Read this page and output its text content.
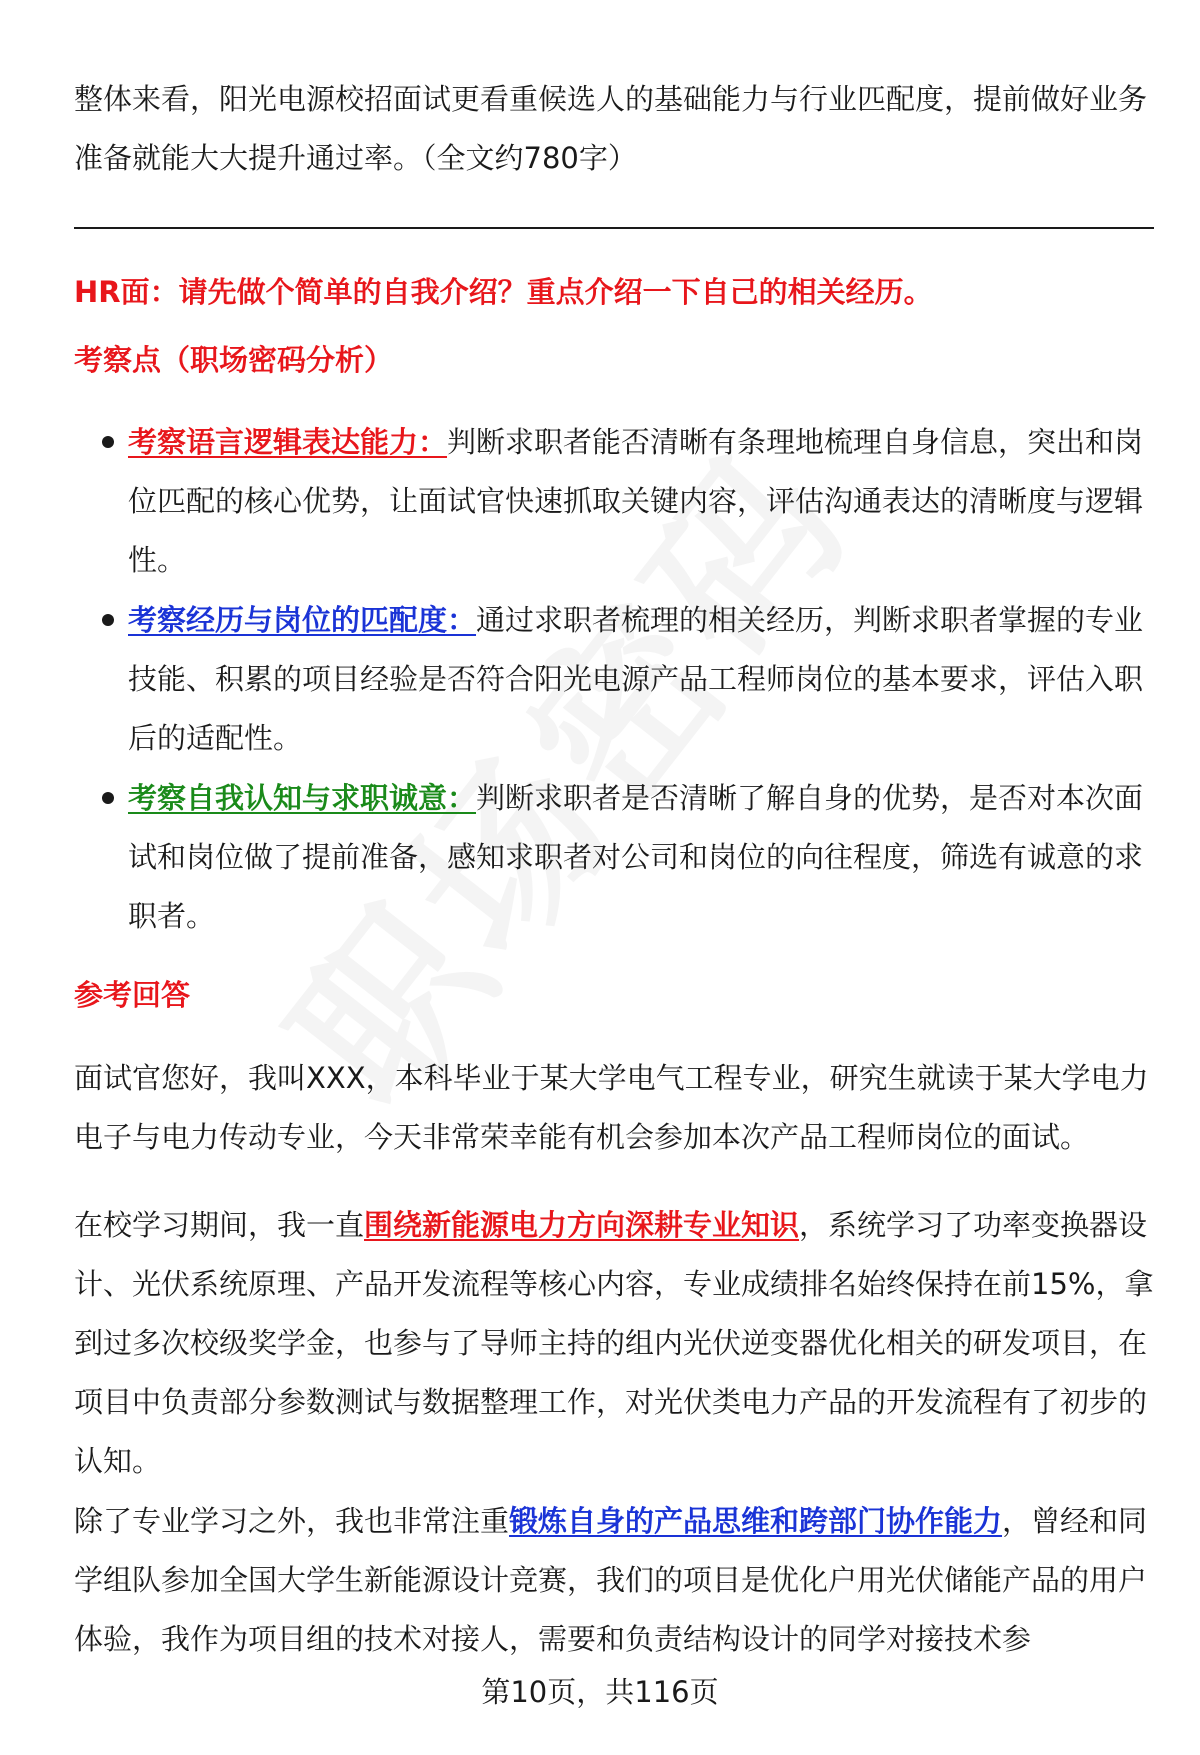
整体来看，阳光电源校招面试更看重候选人的基础能力与行业匹配度，提前做好业务准备就能大大提升通过率。（全文约780字）

HR面：请先做个简单的自我介绍？重点介绍一下自己的相关经历。

考察点（职场密码分析）

考察语言逻辑表达能力：判断求职者能否清晰有条理地梳理自身信息，突出和岗位匹配的核心优势，让面试官快速抓取关键内容，评估沟通表达的清晰度与逻辑性。
考察经历与岗位的匹配度：通过求职者梳理的相关经历，判断求职者掌握的专业技能、积累的项目经验是否符合阳光电源产品工程师岗位的基本要求，评估入职后的适配性。
考察自我认知与求职诚意：判断求职者是否清晰了解自身的优势，是否对本次面试和岗位做了提前准备，感知求职者对公司和岗位的向往程度，筛选有诚意的求职者。

参考回答

面试官您好，我叫XXX，本科毕业于某大学电气工程专业，研究生就读于某大学电力电子与电力传动专业，今天非常荣幸能有机会参加本次产品工程师岗位的面试。

在校学习期间，我一直围绕新能源电力方向深耕专业知识，系统学习了功率变换器设计、光伏系统原理、产品开发流程等核心内容，专业成绩排名始终保持在前15%，拿到过多次校级奖学金，也参与了导师主持的组内光伏逆变器优化相关的研发项目，在项目中负责部分参数测试与数据整理工作，对光伏类电力产品的开发流程有了初步的认知。

除了专业学习之外，我也非常注重锻炼自身的产品思维和跨部门协作能力，曾经和同学组队参加全国大学生新能源设计竞赛，我们的项目是优化户用光伏储能产品的用户体验，我作为项目组的技术对接人，需要和负责结构设计的同学对接技术参

第10页，共116页
